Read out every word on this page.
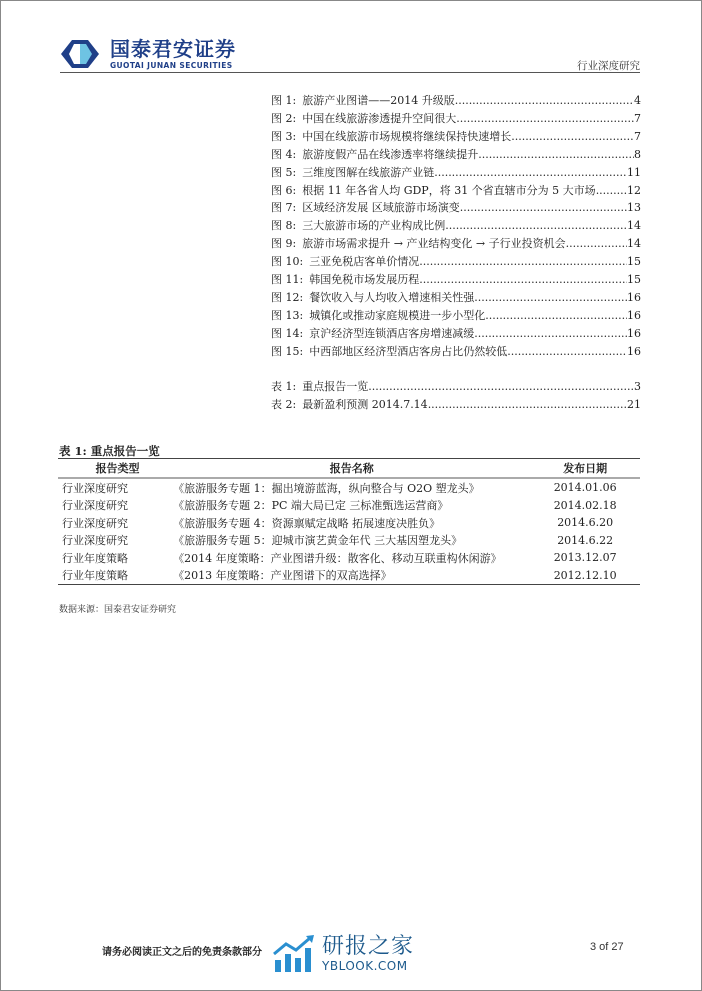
国泰君安证券
GUOTAI JUNAN SECURITIES	行业深度研究
图 1: 旅游产业图谱——2014 升级版 .....	4
图 2: 中国在线旅游渗透提升空间很大 .....	7
图 3: 中国在线旅游市场规模将继续保持快速增长 .....	7
图 4: 旅游度假产品在线渗透率将继续提升 .....	8
图 5: 三维度图解在线旅游产业链 .....	11
图 6: 根据 11 年各省人均 GDP，将 31 个省直辖市分为 5 大市场 .....	12
图 7: 区域经济发展 区域旅游市场演变 .....	13
图 8: 三大旅游市场的产业构成比例 .....	14
图 9: 旅游市场需求提升 → 产业结构变化 → 子行业投资机会 .....	14
图 10: 三亚免税店客单价情况 .....	15
图 11: 韩国免税市场发展历程 .....	15
图 12: 餐饮收入与人均收入增速相关性强 .....	16
图 13: 城镇化或推动家庭规模进一步小型化 .....	16
图 14: 京沪经济型连锁酒店客房增速减缓 .....	16
图 15: 中西部地区经济型酒店客房占比仍然较低 .....	16
表 1: 重点报告一览 .....	3
表 2: 最新盈利预测 2014.7.14 .....	21
表 1: 重点报告一览
报告类型	报告名称	发布日期
行业深度研究	《旅游服务专题 1：掘出境游蓝海，纵向整合与 O2O 塑龙头》	2014.01.06
行业深度研究	《旅游服务专题 2：PC 端大局已定 三标准甄选运营商》	2014.02.18
行业深度研究	《旅游服务专题 4：资源禀赋定战略 拓展速度决胜负》	2014.6.20
行业深度研究	《旅游服务专题 5：迎城市演艺黄金年代 三大基因塑龙头》	2014.6.22
行业年度策略	《2014 年度策略：产业图谱升级：散客化、移动互联重构休闲游》	2013.12.07
行业年度策略	《2013 年度策略：产业图谱下的双高选择》	2012.12.10
数据来源：国泰君安证券研究
请务必阅读正文之后的免责条款部分	研报之家
YBLOOK.COM
3 of 27
